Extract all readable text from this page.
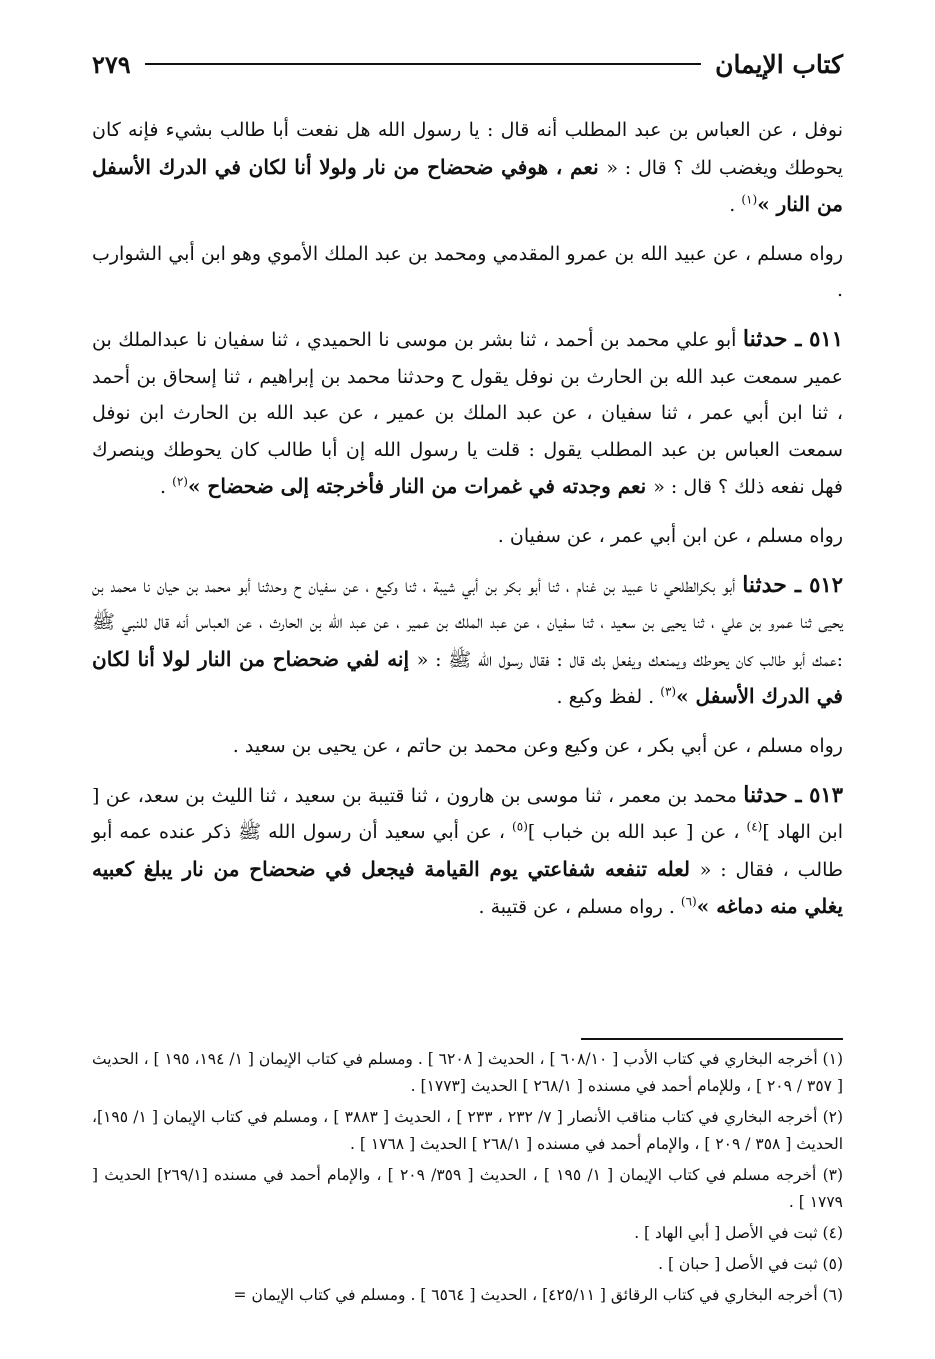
كتاب الإيمان
٢٧٩

نوفل ، عن العباس بن عبد المطلب أنه قال : يا رسول الله هل نفعت أبا طالب بشيء فإنه كان يحوطك ويغضب لك ؟ قال : « نعم ، هوفي ضحضاح من نار ولولا أنا لكان في الدرك الأسفل من النار »$^{(١)}$ .

رواه مسلم ، عن عبيد الله بن عمرو المقدمي ومحمد بن عبد الملك الأموي وهو ابن أبي الشوارب .

٥١١ ـ حدثنا أبو علي محمد بن أحمد ، ثنا بشر بن موسى نا الحميدي ، ثنا سفيان نا عبدالملك بن عمير سمعت عبد الله بن الحارث بن نوفل يقول ح وحدثنا محمد بن إبراهيم ، ثنا إسحاق بن أحمد ، ثنا ابن أبي عمر ، ثنا سفيان ، عن عبد الملك بن عمير ، عن عبد الله بن الحارث ابن نوفل سمعت العباس بن عبد المطلب يقول : قلت يا رسول الله إن أبا طالب كان يحوطك وينصرك فهل نفعه ذلك ؟ قال : « نعم وجدته في غمرات من النار فأخرجته إلى ضحضاح »$^{(٢)}$ .

رواه مسلم ، عن ابن أبي عمر ، عن سفيان .

٥١٢ ـ حدثنا أبو بكرالطلحي نا عبيد بن غنام ، ثنا أبو بكر بن أبي شيبة ، ثنا وكيع ، عن سفيان ح وحدثنا أبو محمد بن حيان نا محمد بن يحيى ثنا عمرو بن علي ، ثنا يحيى بن سعيد ، ثنا سفيان ، عن عبد الملك بن عمير ، عن عبد الله بن الحارث ، عن العباس أنه قال للنبي ﷺ :عمك أبو طالب كان يحوطك ويمنعك ويفعل بك قال : فقال رسول الله ﷺ : « إنه لفي ضحضاح من النار لولا أنا لكان في الدرك الأسفل »$^{(٣)}$ . لفظ وكيع .

رواه مسلم ، عن أبي بكر ، عن وكيع وعن محمد بن حاتم ، عن يحيى بن سعيد .

٥١٣ ـ حدثنا محمد بن معمر ، ثنا موسى بن هارون ، ثنا قتيبة بن سعيد ، ثنا الليث بن سعد، عن [ ابن الهاد ]$^{(٤)}$ ، عن [ عبد الله بن خباب ]$^{(٥)}$ ، عن أبي سعيد أن رسول الله ﷺ ذكر عنده عمه أبو طالب ، فقال : « لعله تنفعه شفاعتي يوم القيامة فيجعل في ضحضاح من نار يبلغ كعبيه يغلي منه دماغه »$^{(٦)}$ . رواه مسلم ، عن قتيبة .

(١) أخرجه البخاري في كتاب الأدب [ ٦٠٨/١٠ ] ، الحديث [ ٦٢٠٨ ] . ومسلم في كتاب الإيمان [ ١/ ١٩٤، ١٩٥ ] ، الحديث [ ٣٥٧ / ٢٠٩ ] ، وللإمام أحمد في مسنده [ ٢٦٨/١ ] الحديث [١٧٧٣] .

(٢) أخرجه البخاري في كتاب مناقب الأنصار [ ٧/ ٢٣٢ ، ٢٣٣ ] ، الحديث [ ٣٨٨٣ ] ، ومسلم في كتاب الإيمان [ ١/ ١٩٥]، الحديث [ ٣٥٨ / ٢٠٩ ] ، والإمام أحمد في مسنده [ ٢٦٨/١ ] الحديث [ ١٧٦٨ ] .

(٣) أخرجه مسلم في كتاب الإيمان [ ١/ ١٩٥ ] ، الحديث [ ٣٥٩/ ٢٠٩ ] ، والإمام أحمد في مسنده [٢٦٩/١] الحديث [ ١٧٧٩ ] .

(٤) ثبت في الأصل [ أبي الهاد ] .

(٥) ثبت في الأصل [ حبان ] .

(٦) أخرجه البخاري في كتاب الرقائق [ ٤٢٥/١١] ، الحديث [ ٦٥٦٤ ] . ومسلم في كتاب الإيمان =
